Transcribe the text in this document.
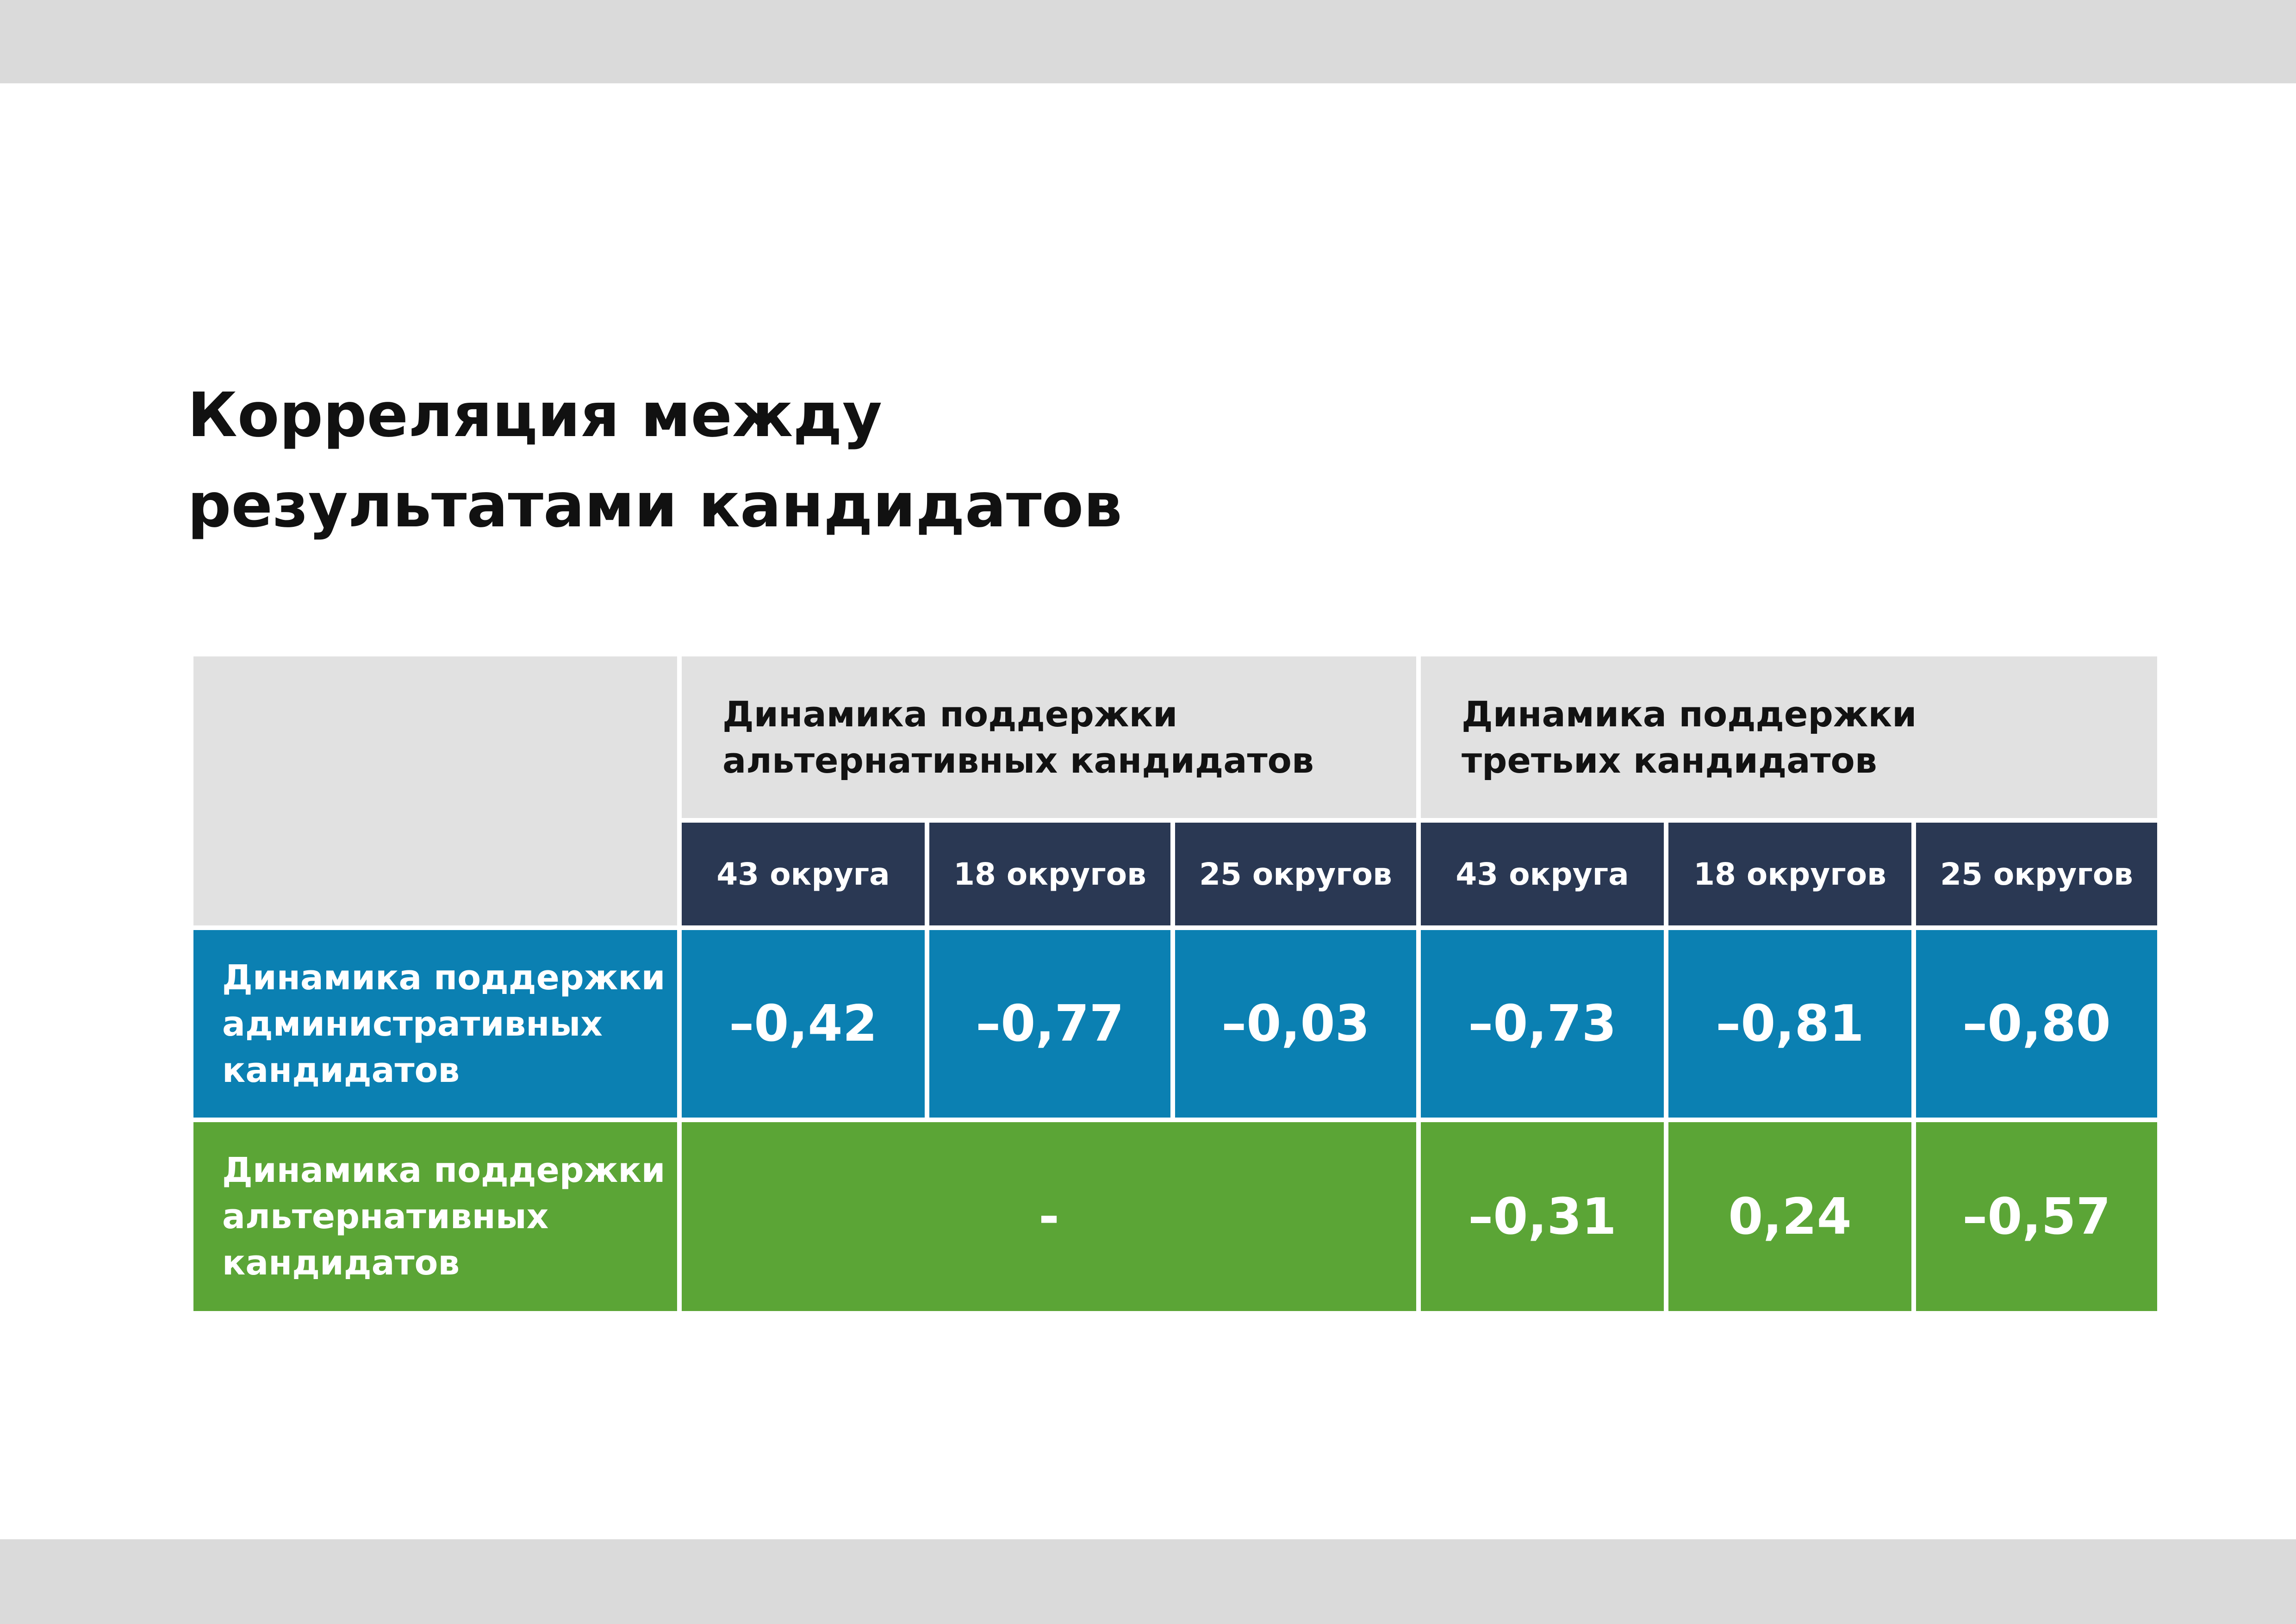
Корреляция между
результатами кандидатов
Динамика поддержки
альтернативных кандидатов
Динамика поддержки
третьих кандидатов
43 округа	18 округов	25 округов	43 округа	18 округов	25 округов
Динамика поддержки
административных
кандидатов
–0,42	–0,77	–0,03	–0,73	–0,81	–0,80
Динамика поддержки
альтернативных
кандидатов
-	–0,31	0,24	–0,57
